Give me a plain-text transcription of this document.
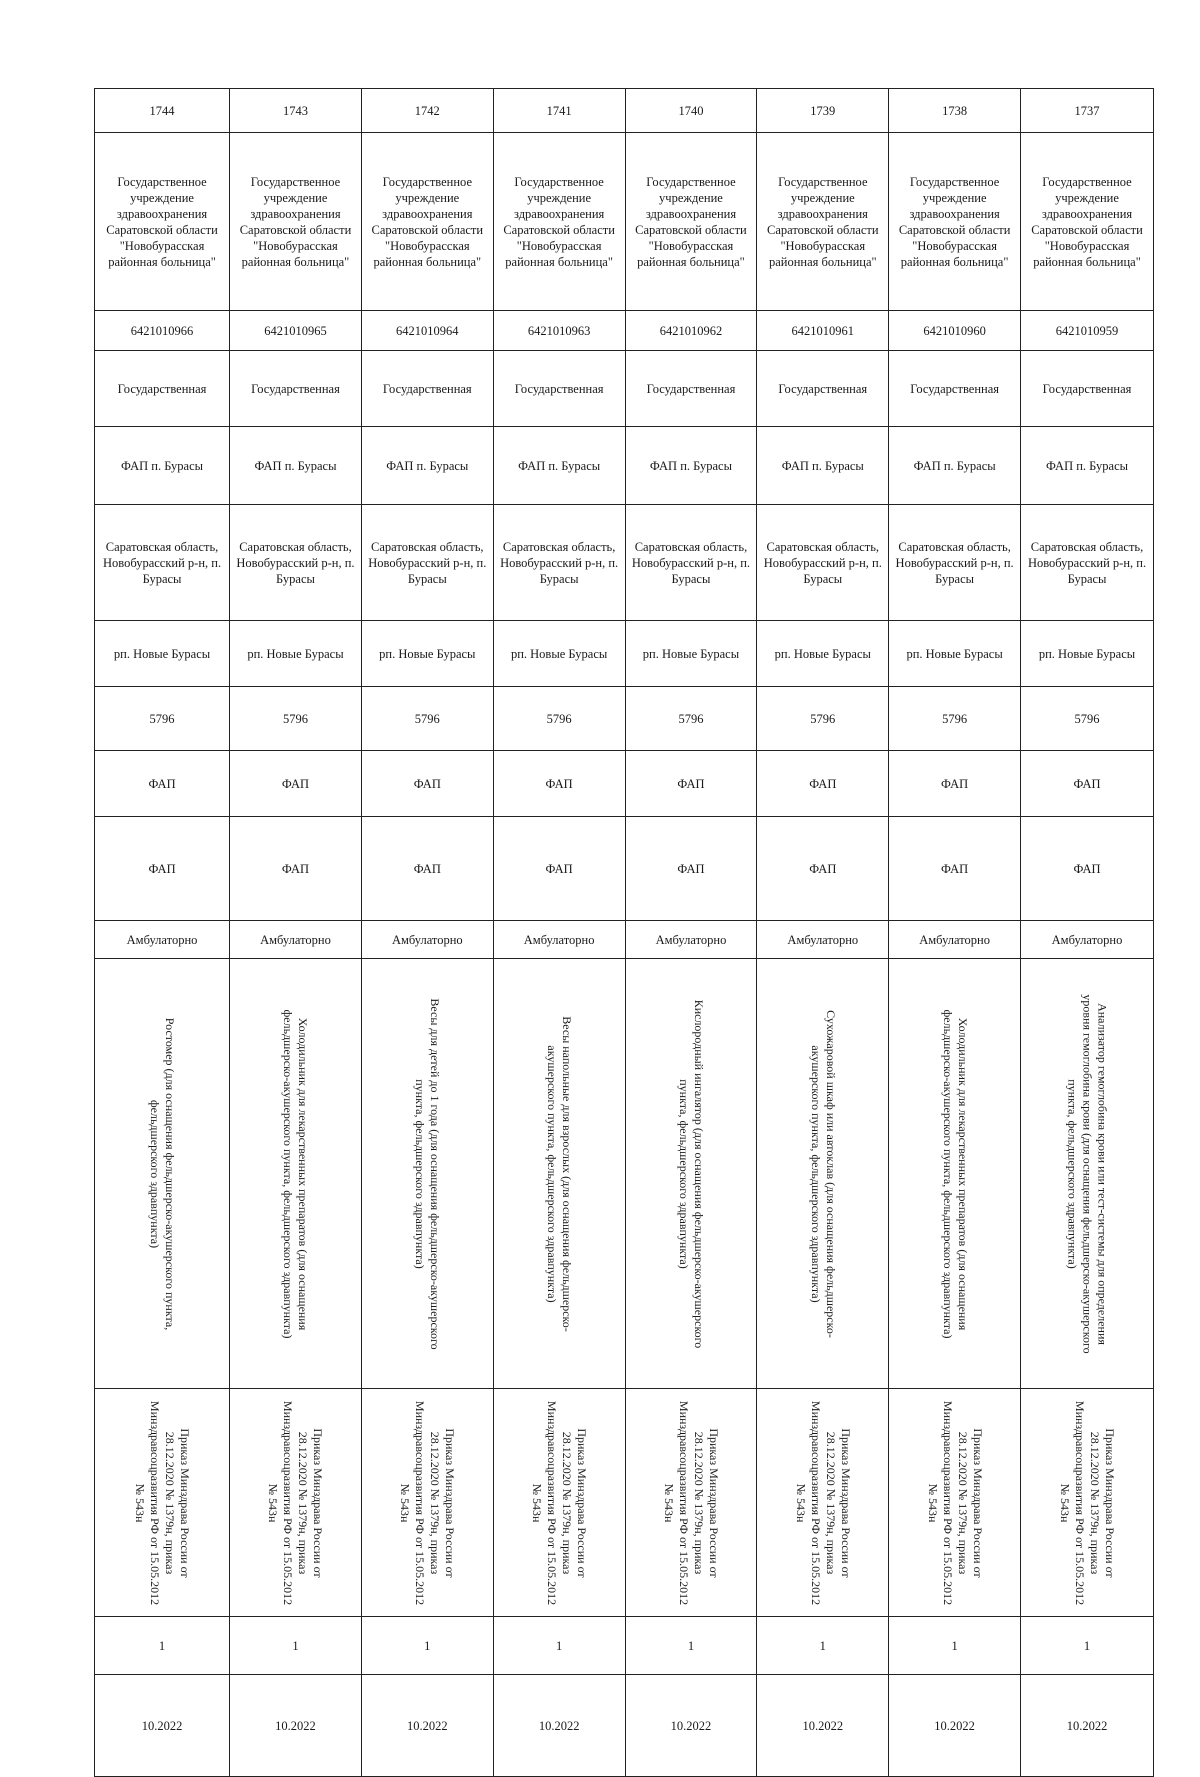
1744	1743	1742	1741	1740	1739	1738	1737
Государственное учреждение здравоохранения Саратовской области "Новобурасская районная больница"	Государственное учреждение здравоохранения Саратовской области "Новобурасская районная больница"	Государственное учреждение здравоохранения Саратовской области "Новобурасская районная больница"	Государственное учреждение здравоохранения Саратовской области "Новобурасская районная больница"	Государственное учреждение здравоохранения Саратовской области "Новобурасская районная больница"	Государственное учреждение здравоохранения Саратовской области "Новобурасская районная больница"	Государственное учреждение здравоохранения Саратовской области "Новобурасская районная больница"	Государственное учреждение здравоохранения Саратовской области "Новобурасская районная больница"
6421010966	6421010965	6421010964	6421010963	6421010962	6421010961	6421010960	6421010959
Государственная	Государственная	Государственная	Государственная	Государственная	Государственная	Государственная	Государственная
ФАП п. Бурасы	ФАП п. Бурасы	ФАП п. Бурасы	ФАП п. Бурасы	ФАП п. Бурасы	ФАП п. Бурасы	ФАП п. Бурасы	ФАП п. Бурасы
Саратовская область, Новобурасский р-н, п. Бурасы	Саратовская область, Новобурасский р-н, п. Бурасы	Саратовская область, Новобурасский р-н, п. Бурасы	Саратовская область, Новобурасский р-н, п. Бурасы	Саратовская область, Новобурасский р-н, п. Бурасы	Саратовская область, Новобурасский р-н, п. Бурасы	Саратовская область, Новобурасский р-н, п. Бурасы	Саратовская область, Новобурасский р-н, п. Бурасы
рп. Новые Бурасы	рп. Новые Бурасы	рп. Новые Бурасы	рп. Новые Бурасы	рп. Новые Бурасы	рп. Новые Бурасы	рп. Новые Бурасы	рп. Новые Бурасы
5796	5796	5796	5796	5796	5796	5796	5796
ФАП	ФАП	ФАП	ФАП	ФАП	ФАП	ФАП	ФАП
ФАП	ФАП	ФАП	ФАП	ФАП	ФАП	ФАП	ФАП
Амбулаторно	Амбулаторно	Амбулаторно	Амбулаторно	Амбулаторно	Амбулаторно	Амбулаторно	Амбулаторно

Ростомер (для оснащения фельдшерско-акушерского пункта, фельдшерского здравпункта)	Холодильник для лекарственных препаратов (для оснащения фельдшерско-акушерского пункта, фельдшерского здравпункта)	Весы для детей до 1 года (для оснащения фельдшерско-акушерского пункта, фельдшерского здравпункта)	Весы напольные для взрослых (для оснащения фельдшерско-акушерского пункта, фельдшерского здравпункта)	Кислородный ингалятор (для оснащения фельдшерско-акушерского пункта, фельдшерского здравпункта)	Сухожаровой шкаф или автоклав (для оснащения фельдшерско-акушерского пункта, фельдшерского здравпункта)	Холодильник для лекарственных препаратов (для оснащения фельдшерско-акушерского пункта, фельдшерского здравпункта)	Анализатор гемоглобина крови или тест-системы для определения уровня гемоглобина крови (для оснащения фельдшерско-акушерского пункта, фельдшерского здравпункта)

Приказ Минздрава России от 28.12.2020 № 1379н, приказ Минздравсоцразвития РФ от 15.05.2012 № 543н	Приказ Минздрава России от 28.12.2020 № 1379н, приказ Минздравсоцразвития РФ от 15.05.2012 № 543н	Приказ Минздрава России от 28.12.2020 № 1379н, приказ Минздравсоцразвития РФ от 15.05.2012 № 543н	Приказ Минздрава России от 28.12.2020 № 1379н, приказ Минздравсоцразвития РФ от 15.05.2012 № 543н	Приказ Минздрава России от 28.12.2020 № 1379н, приказ Минздравсоцразвития РФ от 15.05.2012 № 543н	Приказ Минздрава России от 28.12.2020 № 1379н, приказ Минздравсоцразвития РФ от 15.05.2012 № 543н	Приказ Минздрава России от 28.12.2020 № 1379н, приказ Минздравсоцразвития РФ от 15.05.2012 № 543н	Приказ Минздрава России от 28.12.2020 № 1379н, приказ Минздравсоцразвития РФ от 15.05.2012 № 543н

1	1	1	1	1	1	1	1
10.2022	10.2022	10.2022	10.2022	10.2022	10.2022	10.2022	10.2022
